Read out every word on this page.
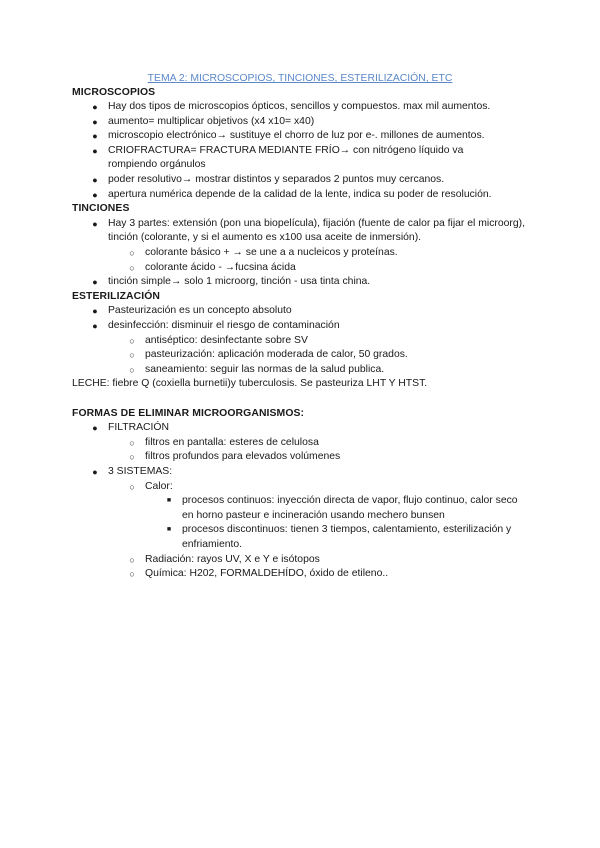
TEMA 2: MICROSCOPIOS, TINCIONES, ESTERILIZACIÓN, ETC
MICROSCOPIOS
● Hay dos tipos de microscopios ópticos, sencillos y compuestos. max mil aumentos.
● aumento= multiplicar objetivos (x4 x10= x40)
● microscopio electrónico→ sustituye el chorro de luz por e-. millones de aumentos.
● CRIOFRACTURA= FRACTURA MEDIANTE FRÍO→ con nitrógeno líquido va rompiendo orgánulos
● poder resolutivo→ mostrar distintos y separados 2 puntos muy cercanos.
● apertura numérica depende de la calidad de la lente, indica su poder de resolución.
TINCIONES
● Hay 3 partes: extensión (pon una biopelícula), fijación (fuente de calor pa fijar el microorg), tinción (colorante, y si el aumento es x100 usa aceite de inmersión).
○ colorante básico + → se une a a nucleicos y proteínas.
○ colorante ácido - →fucsina ácida
● tinción simple→ solo 1 microorg, tinción - usa tinta china.
ESTERILIZACIÓN
● Pasteurización es un concepto absoluto
● desinfección: disminuir el riesgo de contaminación
○ antiséptico: desinfectante sobre SV
○ pasteurización: aplicación moderada de calor, 50 grados.
○ saneamiento: seguir las normas de la salud publica.
LECHE: fiebre Q (coxiella burnetii)y tuberculosis. Se pasteuriza LHT Y HTST.
FORMAS DE ELIMINAR MICROORGANISMOS:
● FILTRACIÓN
○ filtros en pantalla: esteres de celulosa
○ filtros profundos para elevados volúmenes
● 3 SISTEMAS:
○ Calor:
■	procesos continuos: inyección directa de vapor, flujo continuo, calor seco en horno pasteur e incineración usando mechero bunsen
■	procesos discontinuos: tienen 3 tiempos, calentamiento, esterilización y enfriamiento.
○ Radiación: rayos UV, X e Y e isótopos
○ Química: H202, FORMALDEHÍDO, óxido de etileno..
